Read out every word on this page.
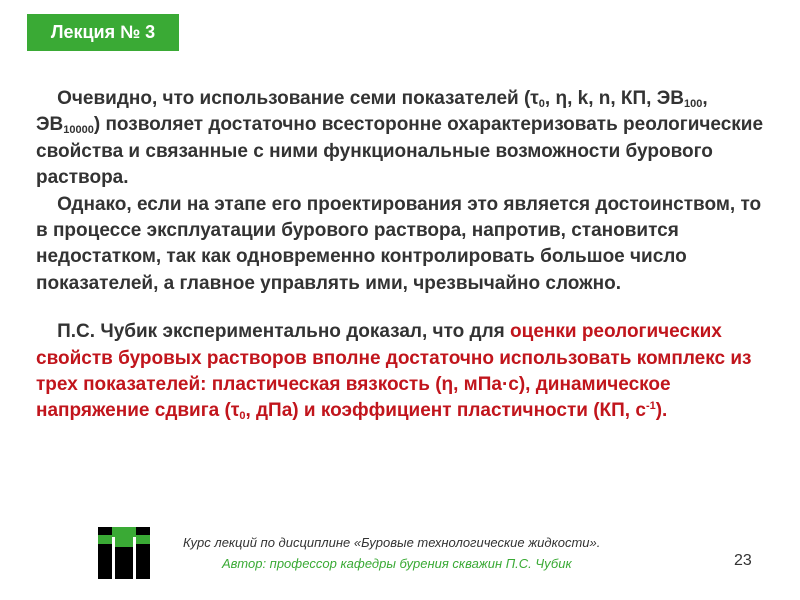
Лекция № 3

Очевидно, что использование семи показателей ($\tau_0$, η, k, n, КП, $ЭВ_{100}$, $ЭВ_{10000}$) позволяет достаточно всесторонне охарактеризовать реологические свойства и связанные с ними функциональные возможности бурового раствора.

Однако, если на этапе его проектирования это является достоинством, то в процессе эксплуатации бурового раствора, напротив, становится недостатком, так как одновременно контролировать большое число показателей, а главное управлять ими, чрезвычайно сложно.

П.С. Чубик экспериментально доказал, что для оценки реологических свойств буровых растворов вполне достаточно использовать комплекс из трех показателей: пластическая вязкость (η, мПа·с), динамическое напряжение сдвига ($\tau_0$, дПа) и коэффициент пластичности (КП, $с^{-1}$).

Курс лекций по дисциплине «Буровые технологические жидкости».
Автор: профессор кафедры бурения скважин П.С. Чубик	23
